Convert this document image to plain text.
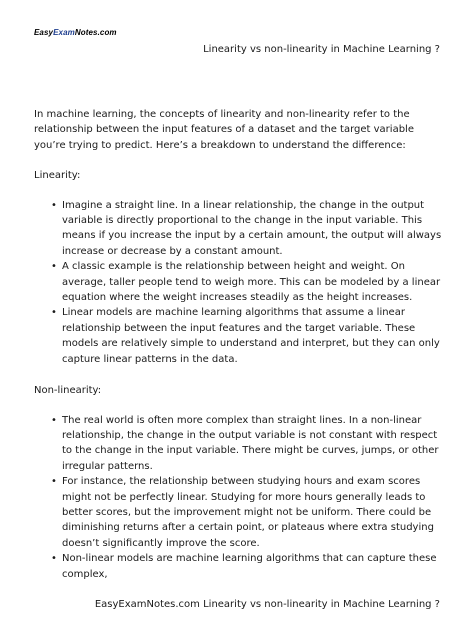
EasyExamNotes.com
Linearity vs non-linearity in Machine Learning ?

In machine learning, the concepts of linearity and non-linearity refer to the relationship between the input features of a dataset and the target variable you’re trying to predict. Here’s a breakdown to understand the difference:

Linearity:

• Imagine a straight line. In a linear relationship, the change in the output variable is directly proportional to the change in the input variable. This means if you increase the input by a certain amount, the output will always increase or decrease by a constant amount.
• A classic example is the relationship between height and weight. On average, taller people tend to weigh more. This can be modeled by a linear equation where the weight increases steadily as the height increases.
• Linear models are machine learning algorithms that assume a linear relationship between the input features and the target variable. These models are relatively simple to understand and interpret, but they can only capture linear patterns in the data.

Non-linearity:

• The real world is often more complex than straight lines. In a non-linear relationship, the change in the output variable is not constant with respect to the change in the input variable. There might be curves, jumps, or other irregular patterns.
• For instance, the relationship between studying hours and exam scores might not be perfectly linear. Studying for more hours generally leads to better scores, but the improvement might not be uniform. There could be diminishing returns after a certain point, or plateaus where extra studying doesn’t significantly improve the score.
• Non-linear models are machine learning algorithms that can capture these complex,
EasyExamNotes.com Linearity vs non-linearity in Machine Learning ?
